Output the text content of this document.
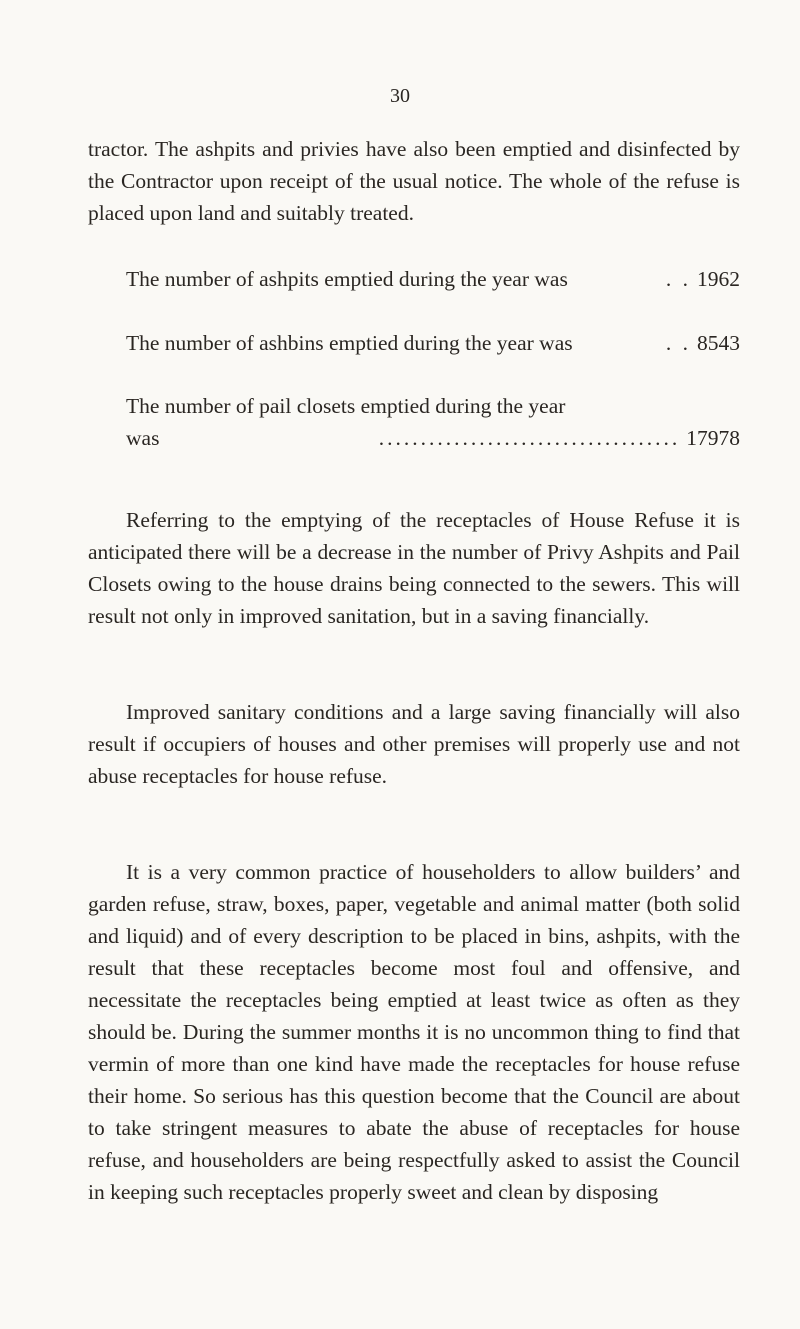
30

tractor. The ashpits and privies have also been emptied and disinfected by the Contractor upon receipt of the usual notice. The whole of the refuse is placed upon land and suitably treated.

The number of ashpits emptied during the year was	. . 1962
The number of ashbins emptied during the year was	. . 8543
The number of pail closets emptied during the year
was	.................................... 17978

Referring to the emptying of the receptacles of House Refuse it is anticipated there will be a decrease in the number of Privy Ashpits and Pail Closets owing to the house drains being connected to the sewers. This will result not only in improved sanitation, but in a saving financially.

Improved sanitary conditions and a large saving financially will also result if occupiers of houses and other premises will properly use and not abuse receptacles for house refuse.

It is a very common practice of householders to allow builders’ and garden refuse, straw, boxes, paper, vegetable and animal matter (both solid and liquid) and of every description to be placed in bins, ashpits, with the result that these receptacles become most foul and offensive, and necessitate the receptacles being emptied at least twice as often as they should be. During the summer months it is no uncommon thing to find that vermin of more than one kind have made the receptacles for house refuse their home. So serious has this question become that the Council are about to take stringent measures to abate the abuse of receptacles for house refuse, and householders are being respectfully asked to assist the Council in keeping such receptacles properly sweet and clean by disposing
